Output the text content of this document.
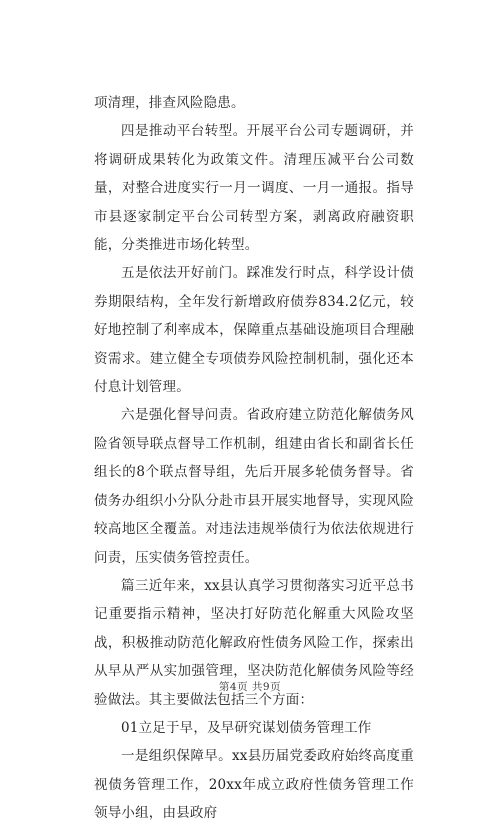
项清理，排查风险隐患。

四是推动平台转型。开展平台公司专题调研，并将调研成果转化为政策文件。清理压减平台公司数量，对整合进度实行一月一调度、一月一通报。指导市县逐家制定平台公司转型方案，剥离政府融资职能，分类推进市场化转型。

五是依法开好前门。踩准发行时点，科学设计债券期限结构，全年发行新增政府债券834.2亿元，较好地控制了利率成本，保障重点基础设施项目合理融资需求。建立健全专项债券风险控制机制，强化还本付息计划管理。

六是强化督导问责。省政府建立防范化解债务风险省领导联点督导工作机制，组建由省长和副省长任组长的8个联点督导组，先后开展多轮债务督导。省债务办组织小分队分赴市县开展实地督导，实现风险较高地区全覆盖。对违法违规举债行为依法依规进行问责，压实债务管控责任。

篇三近年来，xx县认真学习贯彻落实习近平总书记重要指示精神，坚决打好防范化解重大风险攻坚战，积极推动防范化解政府性债务风险工作，探索出从早从严从实加强管理，坚决防范化解债务风险等经验做法。其主要做法包括三个方面：

01立足于早，及早研究谋划债务管理工作

一是组织保障早。xx县历届党委政府始终高度重视债务管理工作，20xx年成立政府性债务管理工作领导小组，由县政府

第4页 共9页
